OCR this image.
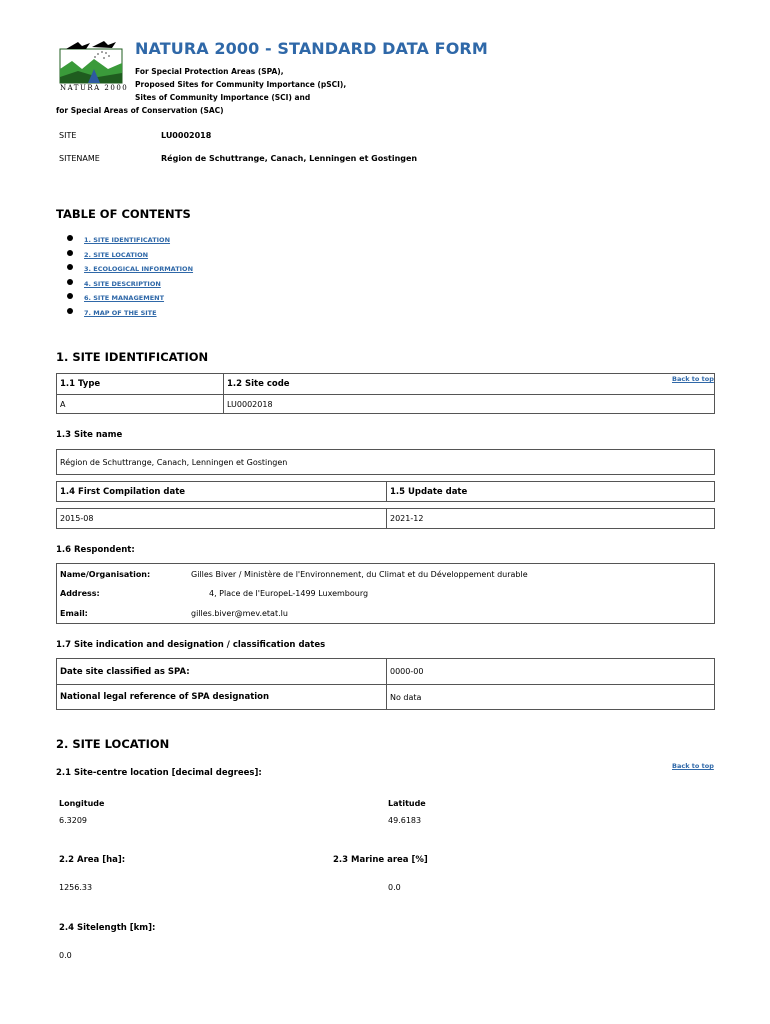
NATURA 2000
NATURA 2000 - STANDARD DATA FORM
For Special Protection Areas (SPA),
Proposed Sites for Community Importance (pSCI),
Sites of Community Importance (SCI) and
for Special Areas of Conservation (SAC)
SITE	LU0002018
SITENAME	Région de Schuttrange, Canach, Lenningen et Gostingen
TABLE OF CONTENTS
1. SITE IDENTIFICATION
2. SITE LOCATION
3. ECOLOGICAL INFORMATION
4. SITE DESCRIPTION
6. SITE MANAGEMENT
7. MAP OF THE SITE
1. SITE IDENTIFICATION
Back to top
1.1 Type	1.2 Site code
A	LU0002018
1.3 Site name
Région de Schuttrange, Canach, Lenningen et Gostingen
1.4 First Compilation date	1.5 Update date
2015-08	2021-12
1.6 Respondent:
Name/Organisation:	Gilles Biver / Ministère de l'Environnement, du Climat et du Développement durable
Address:	4, Place de l'EuropeL-1499 Luxembourg
Email:	gilles.biver@mev.etat.lu
1.7 Site indication and designation / classification dates
Date site classified as SPA:	0000-00
National legal reference of SPA designation	No data
2. SITE LOCATION
Back to top
2.1 Site-centre location [decimal degrees]:
Longitude
6.3209
Latitude
49.6183
2.2 Area [ha]:
1256.33
2.3 Marine area [%]
0.0
2.4 Sitelength [km]:
0.0
